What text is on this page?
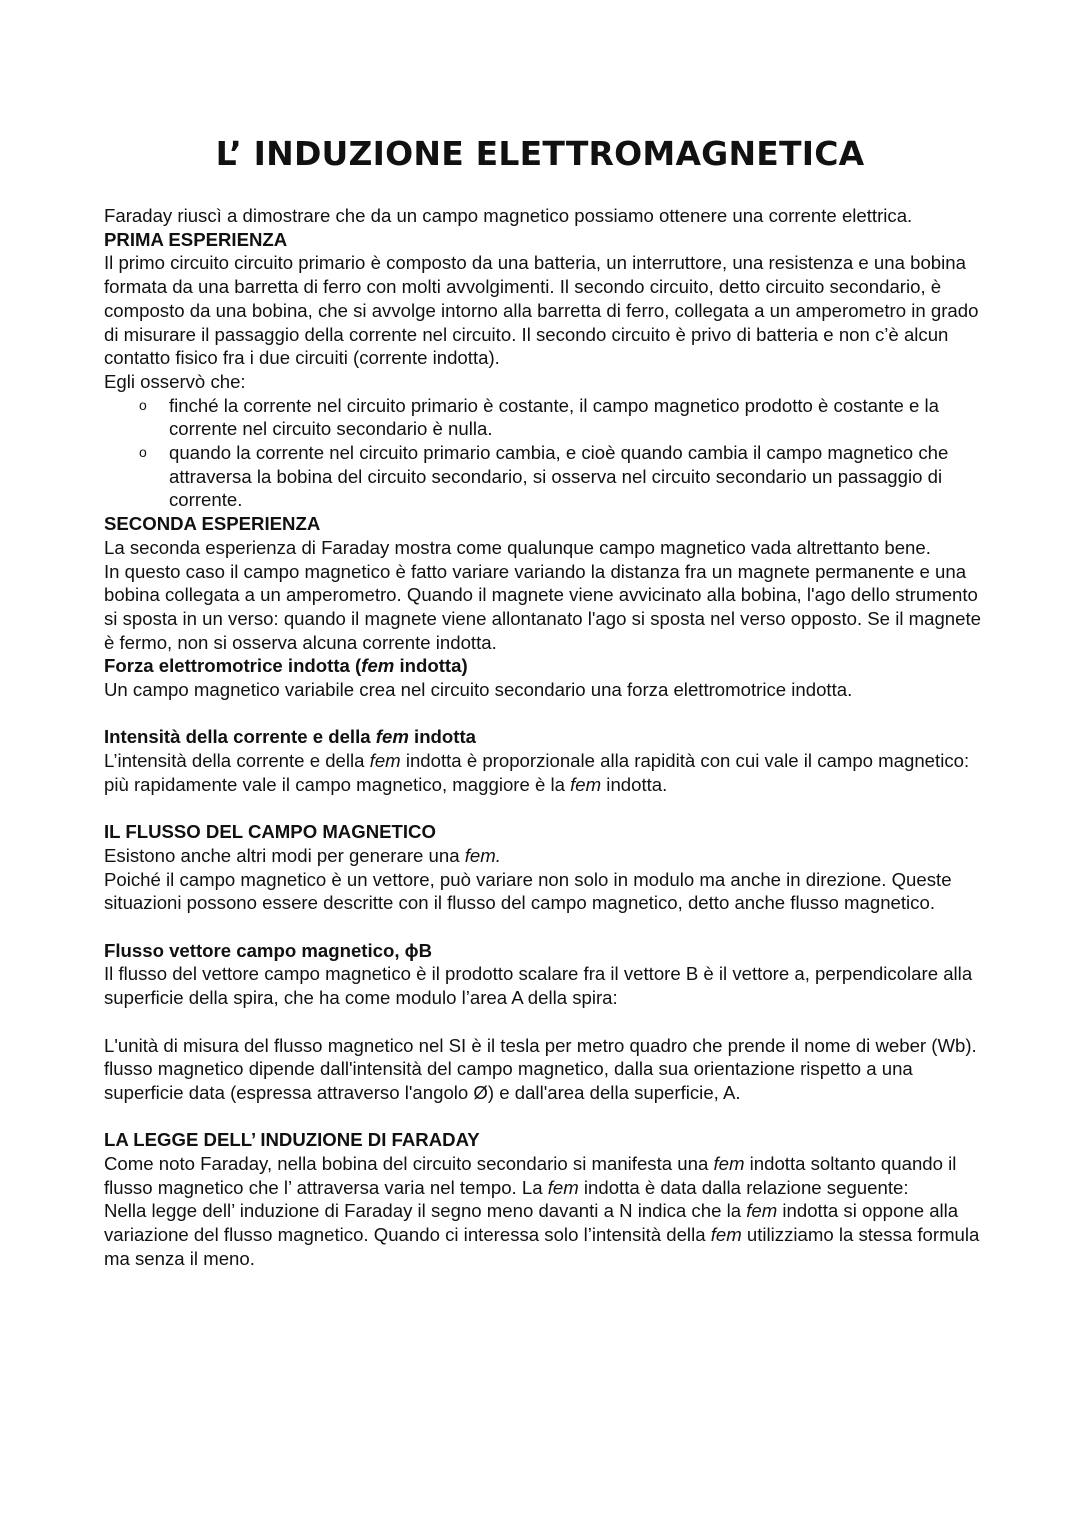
L’ INDUZIONE ELETTROMAGNETICA

Faraday riuscì a dimostrare che da un campo magnetico possiamo ottenere una corrente elettrica.

PRIMA ESPERIENZA

Il primo circuito circuito primario è composto da una batteria, un interruttore, una resistenza e una bobina formata da una barretta di ferro con molti avvolgimenti. Il secondo circuito, detto circuito secondario, è composto da una bobina, che si avvolge intorno alla barretta di ferro, collegata a un amperometro in grado di misurare il passaggio della corrente nel circuito. Il secondo circuito è privo di batteria e non c’è alcun contatto fisico fra i due circuiti (corrente indotta).

Egli osservò che:

o finché la corrente nel circuito primario è costante, il campo magnetico prodotto è costante e la corrente nel circuito secondario è nulla.
o quando la corrente nel circuito primario cambia, e cioè quando cambia il campo magnetico che attraversa la bobina del circuito secondario, si osserva nel circuito secondario un passaggio di corrente.

SECONDA ESPERIENZA

La seconda esperienza di Faraday mostra come qualunque campo magnetico vada altrettanto bene.

In questo caso il campo magnetico è fatto variare variando la distanza fra un magnete permanente e una bobina collegata a un amperometro. Quando il magnete viene avvicinato alla bobina, l'ago dello strumento si sposta in un verso: quando il magnete viene allontanato l'ago si sposta nel verso opposto. Se il magnete è fermo, non si osserva alcuna corrente indotta.

Forza elettromotrice indotta (fem indotta)

Un campo magnetico variabile crea nel circuito secondario una forza elettromotrice indotta.

Intensità della corrente e della fem indotta

L’intensità della corrente e della fem indotta è proporzionale alla rapidità con cui vale il campo magnetico: più rapidamente vale il campo magnetico, maggiore è la fem indotta.

IL FLUSSO DEL CAMPO MAGNETICO

Esistono anche altri modi per generare una fem.

Poiché il campo magnetico è un vettore, può variare non solo in modulo ma anche in direzione. Queste situazioni possono essere descritte con il flusso del campo magnetico, detto anche flusso magnetico.

Flusso vettore campo magnetico, ϕB

Il flusso del vettore campo magnetico è il prodotto scalare fra il vettore B è il vettore a, perpendicolare alla superficie della spira, che ha come modulo l’area A della spira:

L'unità di misura del flusso magnetico nel SI è il tesla per metro quadro che prende il nome di weber (Wb).

flusso magnetico dipende dall'intensità del campo magnetico, dalla sua orientazione rispetto a una superficie data (espressa attraverso l'angolo Ø) e dall'area della superficie, A.

LA LEGGE DELL’ INDUZIONE DI FARADAY

Come noto Faraday, nella bobina del circuito secondario si manifesta una fem indotta soltanto quando il flusso magnetico che l’ attraversa varia nel tempo. La fem indotta è data dalla relazione seguente:

Nella legge dell’ induzione di Faraday il segno meno davanti a N indica che la fem indotta si oppone alla variazione del flusso magnetico. Quando ci interessa solo l’intensità della fem utilizziamo la stessa formula ma senza il meno.
